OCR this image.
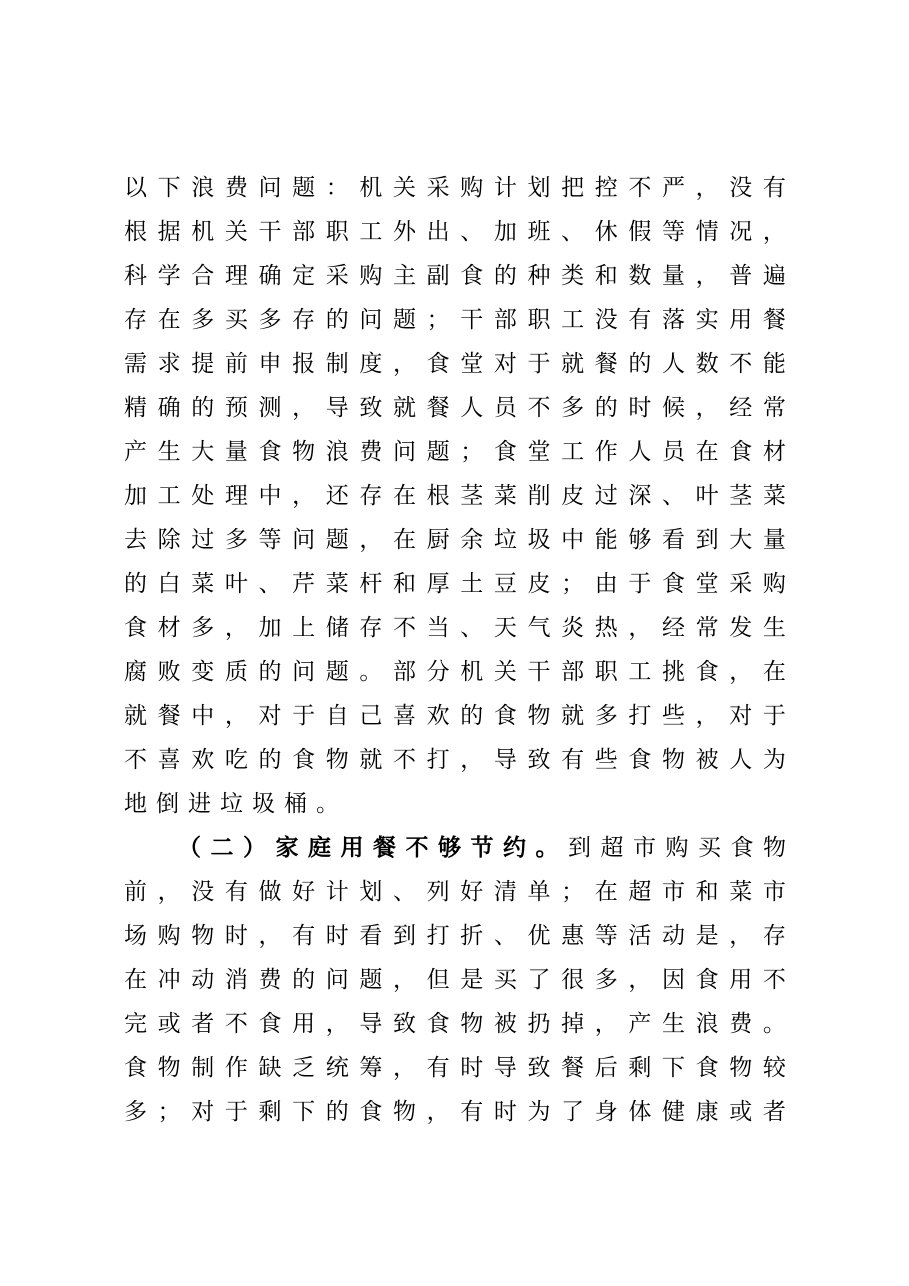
以 下 浪 费 问 题 ： 机 关 采 购 计 划 把 控 不 严 ， 没 有
根 据 机 关 干 部 职 工 外 出 、 加 班 、 休 假 等 情 况 ，
科 学 合 理 确 定 采 购 主 副 食 的 种 类 和 数 量 ， 普 遍
存 在 多 买 多 存 的 问 题 ； 干 部 职 工 没 有 落 实 用 餐
需 求 提 前 申 报 制 度 ， 食 堂 对 于 就 餐 的 人 数 不 能
精 确 的 预 测 ， 导 致 就 餐 人 员 不 多 的 时 候 ， 经 常
产 生 大 量 食 物 浪 费 问 题 ； 食 堂 工 作 人 员 在 食 材
加 工 处 理 中 ， 还 存 在 根 茎 菜 削 皮 过 深 、 叶 茎 菜
去 除 过 多 等 问 题 ， 在 厨 余 垃 圾 中 能 够 看 到 大 量
的 白 菜 叶 、 芹 菜 杆 和 厚 土 豆 皮 ； 由 于 食 堂 采 购
食 材 多 ， 加 上 储 存 不 当 、 天 气 炎 热 ， 经 常 发 生
腐 败 变 质 的 问 题 。 部 分 机 关 干 部 职 工 挑 食 ， 在
就 餐 中 ， 对 于 自 己 喜 欢 的 食 物 就 多 打 些 ， 对 于
不 喜 欢 吃 的 食 物 就 不 打 ， 导 致 有 些 食 物 被 人 为
地倒进垃圾桶。
（ 二 ） 家 庭 用 餐 不 够 节 约 。 到 超 市 购 买 食 物
前 ， 没 有 做 好 计 划 、 列 好 清 单 ； 在 超 市 和 菜 市
场 购 物 时 ， 有 时 看 到 打 折 、 优 惠 等 活 动 是 ， 存
在 冲 动 消 费 的 问 题 ， 但 是 买 了 很 多 ， 因 食 用 不
完 或 者 不 食 用 ， 导 致 食 物 被 扔 掉 ， 产 生 浪 费 。
食 物 制 作 缺 乏 统 筹 ， 有 时 导 致 餐 后 剩 下 食 物 较
多 ； 对 于 剩 下 的 食 物 ， 有 时 为 了 身 体 健 康 或 者
